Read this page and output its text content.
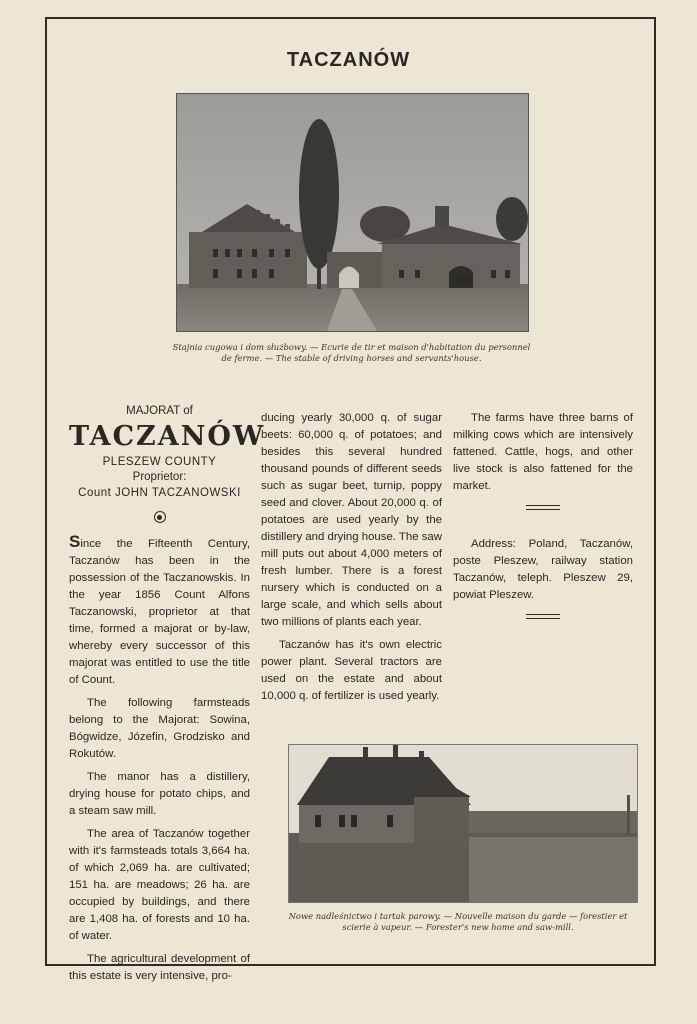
TACZANÓW
Stajnia cugowa i dom służbowy. — Ecurie de tir et maison d'habitation du personnel
de ferme. — The stable of driving horses and servants'house.
MAJORAT of
TACZANÓW
PLESZEW COUNTY
Proprietor:
Count JOHN TACZANOWSKI

Since the Fifteenth Century, Taczanów has been in the possession of the Taczanowskis. In the year 1856 Count Alfons Taczanowski, proprietor at that time, formed a majorat or by-law, whereby every successor of this majorat was entitled to use the title of Count.

The following farmsteads belong to the Majorat: Sowina, Bógwidze, Józefin, Grodzisko and Rokutów.

The manor has a distillery, drying house for potato chips, and a steam saw mill.

The area of Taczanów together with it's farmsteads totals 3,664 ha. of which 2,069 ha. are cultivated; 151 ha. are meadows; 26 ha. are occupied by buildings, and there are 1,408 ha. of forests and 10 ha. of water.

The agricultural development of this estate is very intensive, pro-

ducing yearly 30,000 q. of sugar beets: 60,000 q. of potatoes; and besides this several hundred thousand pounds of different seeds such as sugar beet, turnip, poppy seed and clover. About 20,000 q. of potatoes are used yearly by the distillery and drying house. The saw mill puts out about 4,000 meters of fresh lumber. There is a forest nursery which is conducted on a large scale, and which sells about two millions of plants each year.

Taczanów has it's own electric power plant. Several tractors are used on the estate and about 10,000 q. of fertilizer is used yearly.

The farms have three barns of milking cows which are intensively fattened. Cattle, hogs, and other live stock is also fattened for the market.

Address: Poland, Taczanów, poste Pleszew, railway station Taczanów, teleph. Pleszew 29, powiat Pleszew.

Nowe nadleśnictwo i tartak parowy. — Nouvelle maison du garde — forestier et
scierie à vapeur. — Forester's new home and saw-mill.
